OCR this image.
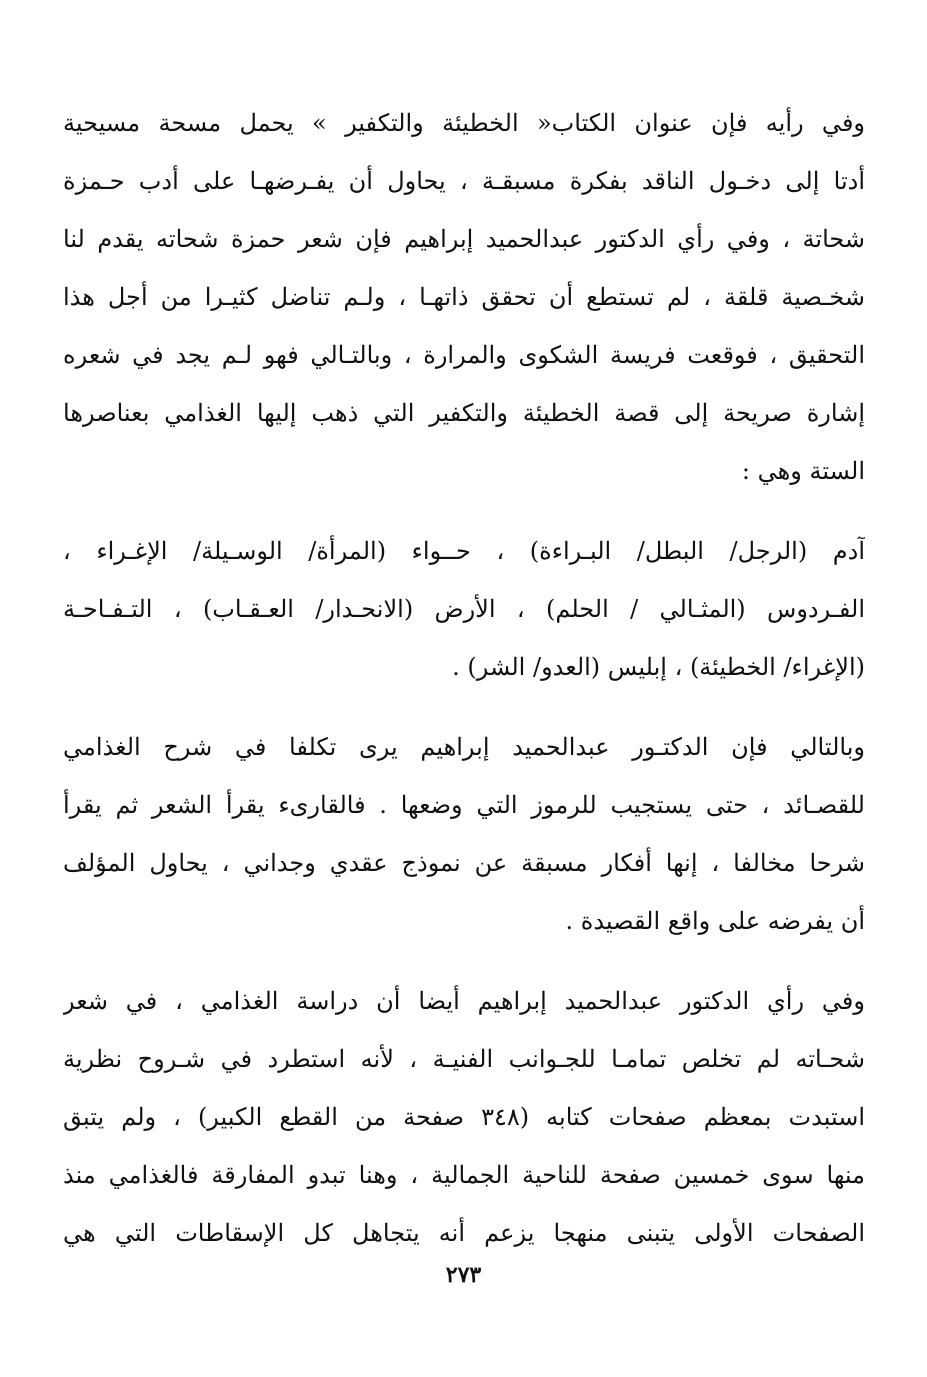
وفي رأيه فإن عنوان الكتاب« الخطيئة والتكفير » يحمل مسحة مسيحية
أدتا إلى دخـول الناقد بفكرة مسبقـة ، يحاول أن يفـرضهـا على أدب حـمزة
شحاتة ، وفي رأي الدكتور عبدالحميد إبراهيم فإن شعر حمزة شحاته يقدم لنا
شخـصية قلقة ، لم تستطع أن تحقق ذاتهـا ، ولـم تناضل كثيـرا من أجل هذا
التحقيق ، فوقعت فريسة الشكوى والمرارة ، وبالتـالي فهو لـم يجد في شعره
إشارة صريحة إلى قصة الخطيئة والتكفير التي ذهب إليها الغذامي بعناصرها
الستة وهي :

آدم (الرجل/ البطل/ البـراءة) ، حــواء (المرأة/ الوسـيلة/ الإغـراء ،
الفـردوس (المثـالي / الحلم) ، الأرض (الانحـدار/ العـقـاب) ، التـفـاحـة
(الإغراء/ الخطيئة) ، إبليس (العدو/ الشر) .

وبالتالي فإن الدكتـور عبدالحميد إبراهيم يرى تكلفا في شرح الغذامي
للقصـائد ، حتى يستجيب للرموز التي وضعها . فالقارىء يقرأ الشعر ثم يقرأ
شرحا مخالفا ، إنها أفكار مسبقة عن نموذج عقدي وجداني ، يحاول المؤلف
أن يفرضه على واقع القصيدة .

وفي رأي الدكتور عبدالحميد إبراهيم أيضا أن دراسة الغذامي ، في شعر
شحـاته لم تخلص تمامـا للجـوانب الفنيـة ، لأنه استطرد في شـروح نظرية
استبدت بمعظم صفحات كتابه (٣٤٨ صفحة من القطع الكبير) ، ولم يتبق
منها سوى خمسين صفحة للناحية الجمالية ، وهنا تبدو المفارقة فالغذامي منذ
الصفحات الأولى يتبنى منهجا يزعم أنه يتجاهل كل الإسقاطات التي هي

٢٧٣
